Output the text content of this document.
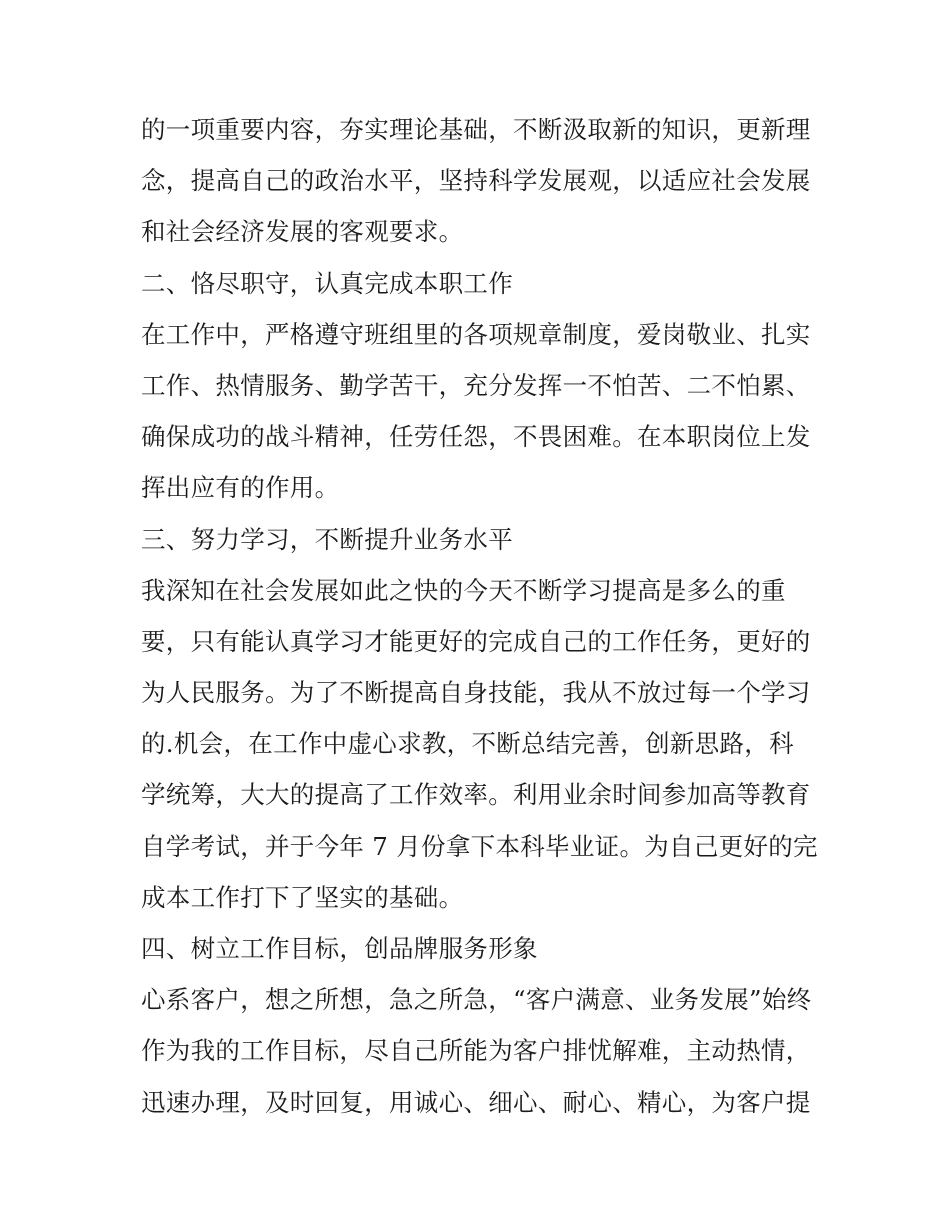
的一项重要内容，夯实理论基础，不断汲取新的知识，更新理
念，提高自己的政治水平，坚持科学发展观，以适应社会发展
和社会经济发展的客观要求。
二、恪尽职守，认真完成本职工作
在工作中，严格遵守班组里的各项规章制度，爱岗敬业、扎实
工作、热情服务、勤学苦干，充分发挥一不怕苦、二不怕累、
确保成功的战斗精神，任劳任怨，不畏困难。在本职岗位上发
挥出应有的作用。
三、努力学习，不断提升业务水平
我深知在社会发展如此之快的今天不断学习提高是多么的重
要，只有能认真学习才能更好的完成自己的工作任务，更好的
为人民服务。为了不断提高自身技能，我从不放过每一个学习
的.机会，在工作中虚心求教，不断总结完善，创新思路，科
学统筹，大大的提高了工作效率。利用业余时间参加高等教育
自学考试，并于今年 7 月份拿下本科毕业证。为自己更好的完
成本工作打下了坚实的基础。
四、树立工作目标，创品牌服务形象
心系客户，想之所想，急之所急，“客户满意、业务发展”始终
作为我的工作目标，尽自己所能为客户排忧解难，主动热情，
迅速办理，及时回复，用诚心、细心、耐心、精心，为客户提
